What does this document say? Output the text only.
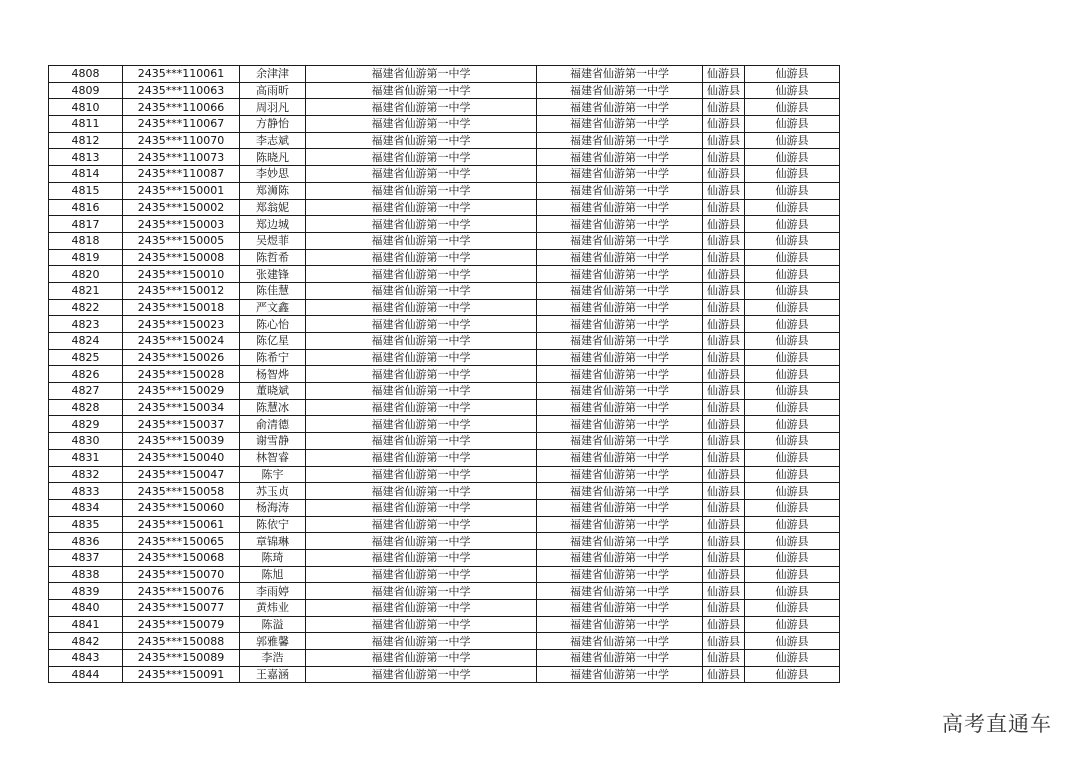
4808	2435***110061	余津津	福建省仙游第一中学	福建省仙游第一中学	仙游县	仙游县
4809	2435***110063	高雨昕	福建省仙游第一中学	福建省仙游第一中学	仙游县	仙游县
4810	2435***110066	周羽凡	福建省仙游第一中学	福建省仙游第一中学	仙游县	仙游县
4811	2435***110067	方静怡	福建省仙游第一中学	福建省仙游第一中学	仙游县	仙游县
4812	2435***110070	李志斌	福建省仙游第一中学	福建省仙游第一中学	仙游县	仙游县
4813	2435***110073	陈晓凡	福建省仙游第一中学	福建省仙游第一中学	仙游县	仙游县
4814	2435***110087	李妙思	福建省仙游第一中学	福建省仙游第一中学	仙游县	仙游县
4815	2435***150001	郑浉陈	福建省仙游第一中学	福建省仙游第一中学	仙游县	仙游县
4816	2435***150002	郑翁妮	福建省仙游第一中学	福建省仙游第一中学	仙游县	仙游县
4817	2435***150003	郑边城	福建省仙游第一中学	福建省仙游第一中学	仙游县	仙游县
4818	2435***150005	吴煜菲	福建省仙游第一中学	福建省仙游第一中学	仙游县	仙游县
4819	2435***150008	陈哲希	福建省仙游第一中学	福建省仙游第一中学	仙游县	仙游县
4820	2435***150010	张建锋	福建省仙游第一中学	福建省仙游第一中学	仙游县	仙游县
4821	2435***150012	陈佳慧	福建省仙游第一中学	福建省仙游第一中学	仙游县	仙游县
4822	2435***150018	严文鑫	福建省仙游第一中学	福建省仙游第一中学	仙游县	仙游县
4823	2435***150023	陈心怡	福建省仙游第一中学	福建省仙游第一中学	仙游县	仙游县
4824	2435***150024	陈亿星	福建省仙游第一中学	福建省仙游第一中学	仙游县	仙游县
4825	2435***150026	陈希宁	福建省仙游第一中学	福建省仙游第一中学	仙游县	仙游县
4826	2435***150028	杨智烨	福建省仙游第一中学	福建省仙游第一中学	仙游县	仙游县
4827	2435***150029	董晓斌	福建省仙游第一中学	福建省仙游第一中学	仙游县	仙游县
4828	2435***150034	陈慧冰	福建省仙游第一中学	福建省仙游第一中学	仙游县	仙游县
4829	2435***150037	俞清德	福建省仙游第一中学	福建省仙游第一中学	仙游县	仙游县
4830	2435***150039	谢雪静	福建省仙游第一中学	福建省仙游第一中学	仙游县	仙游县
4831	2435***150040	林智睿	福建省仙游第一中学	福建省仙游第一中学	仙游县	仙游县
4832	2435***150047	陈宇	福建省仙游第一中学	福建省仙游第一中学	仙游县	仙游县
4833	2435***150058	苏玉贞	福建省仙游第一中学	福建省仙游第一中学	仙游县	仙游县
4834	2435***150060	杨海涛	福建省仙游第一中学	福建省仙游第一中学	仙游县	仙游县
4835	2435***150061	陈依宁	福建省仙游第一中学	福建省仙游第一中学	仙游县	仙游县
4836	2435***150065	章锦琳	福建省仙游第一中学	福建省仙游第一中学	仙游县	仙游县
4837	2435***150068	陈琦	福建省仙游第一中学	福建省仙游第一中学	仙游县	仙游县
4838	2435***150070	陈旭	福建省仙游第一中学	福建省仙游第一中学	仙游县	仙游县
4839	2435***150076	李雨婷	福建省仙游第一中学	福建省仙游第一中学	仙游县	仙游县
4840	2435***150077	黄炜业	福建省仙游第一中学	福建省仙游第一中学	仙游县	仙游县
4841	2435***150079	陈溢	福建省仙游第一中学	福建省仙游第一中学	仙游县	仙游县
4842	2435***150088	郭雅馨	福建省仙游第一中学	福建省仙游第一中学	仙游县	仙游县
4843	2435***150089	李浩	福建省仙游第一中学	福建省仙游第一中学	仙游县	仙游县
4844	2435***150091	王嘉涵	福建省仙游第一中学	福建省仙游第一中学	仙游县	仙游县
高考直通车
